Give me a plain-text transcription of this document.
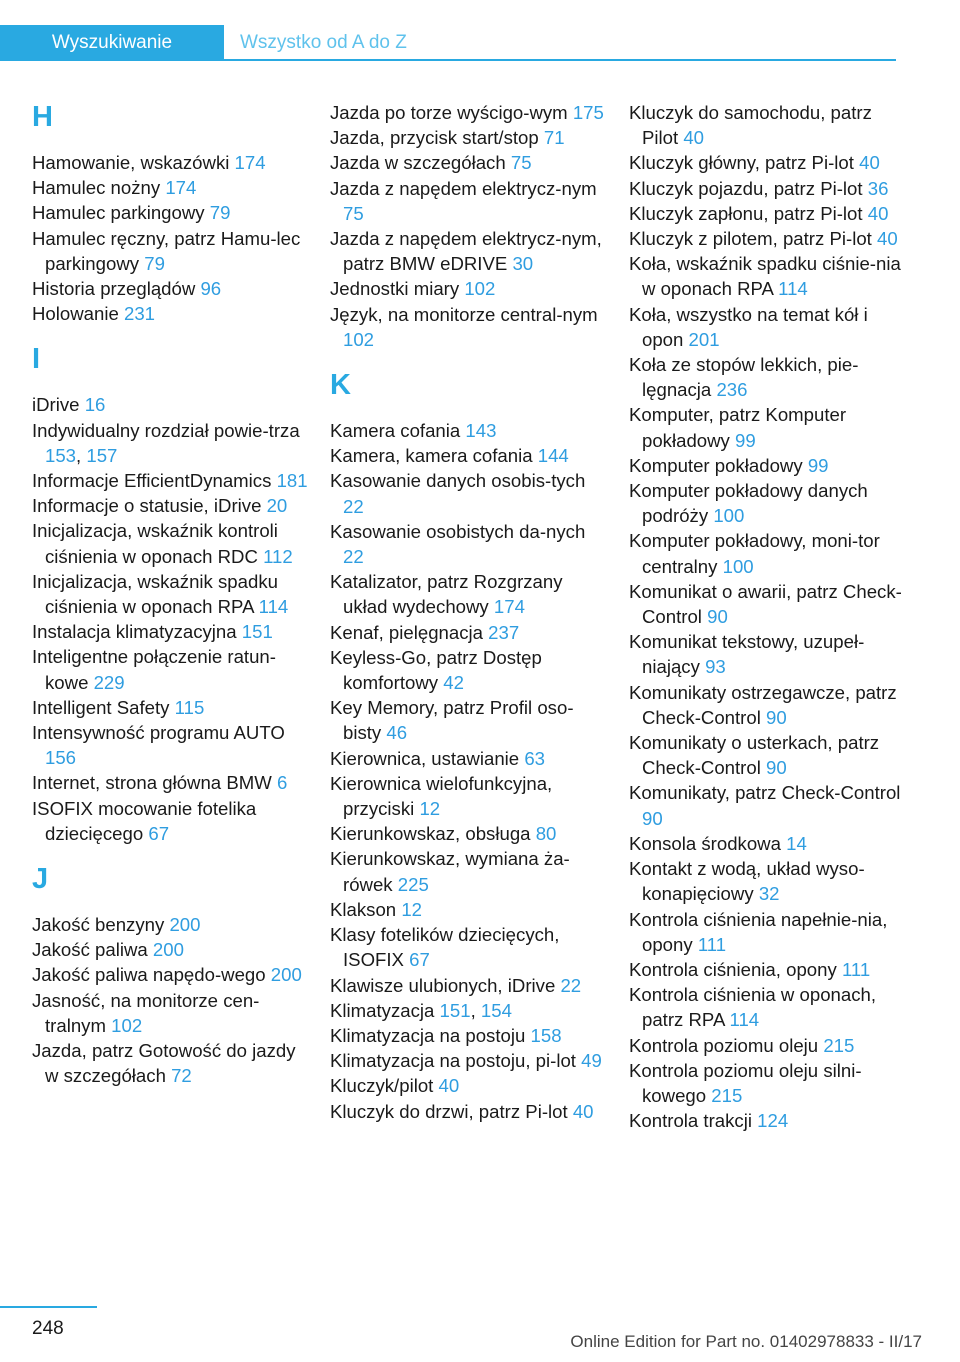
Wyszukiwanie	Wszystko od A do Z
H
Hamowanie, wskazówki 174
Hamulec nożny 174
Hamulec parkingowy 79
Hamulec ręczny, patrz Hamu-lec parkingowy 79
Historia przeglądów 96
Holowanie 231
I
iDrive 16
Indywidualny rozdział powie-trza 153, 157
Informacje EfficientDynamics 181
Informacje o statusie, iDrive 20
Inicjalizacja, wskaźnik kontroli ciśnienia w oponach RDC 112
Inicjalizacja, wskaźnik spadku ciśnienia w oponach RPA 114
Instalacja klimatyzacyjna 151
Inteligentne połączenie ratun-kowe 229
Intelligent Safety 115
Intensywność programu AUTO 156
Internet, strona główna BMW 6
ISOFIX mocowanie fotelika dziecięcego 67
J
Jakość benzyny 200
Jakość paliwa 200
Jakość paliwa napędo-wego 200
Jasność, na monitorze cen-tralnym 102
Jazda, patrz Gotowość do jazdy w szczegółach 72
Jazda po torze wyścigo-wym 175
Jazda, przycisk start/stop 71
Jazda w szczegółach 75
Jazda z napędem elektrycz-nym 75
Jazda z napędem elektrycz-nym, patrz BMW eDRIVE 30
Jednostki miary 102
Język, na monitorze central-nym 102
K
Kamera cofania 143
Kamera, kamera cofania 144
Kasowanie danych osobis-tych 22
Kasowanie osobistych da-nych 22
Katalizator, patrz Rozgrzany układ wydechowy 174
Kenaf, pielęgnacja 237
Keyless-Go, patrz Dostęp komfortowy 42
Key Memory, patrz Profil oso-bisty 46
Kierownica, ustawianie 63
Kierownica wielofunkcyjna, przyciski 12
Kierunkowskaz, obsługa 80
Kierunkowskaz, wymiana ża-rówek 225
Klakson 12
Klasy fotelików dziecięcych, ISOFIX 67
Klawisze ulubionych, iDrive 22
Klimatyzacja 151, 154
Klimatyzacja na postoju 158
Klimatyzacja na postoju, pi-lot 49
Kluczyk/pilot 40
Kluczyk do drzwi, patrz Pi-lot 40
Kluczyk do samochodu, patrz Pilot 40
Kluczyk główny, patrz Pi-lot 40
Kluczyk pojazdu, patrz Pi-lot 36
Kluczyk zapłonu, patrz Pi-lot 40
Kluczyk z pilotem, patrz Pi-lot 40
Koła, wskaźnik spadku ciśnie-nia w oponach RPA 114
Koła, wszystko na temat kół i opon 201
Koła ze stopów lekkich, pie-lęgnacja 236
Komputer, patrz Komputer pokładowy 99
Komputer pokładowy 99
Komputer pokładowy danych podróży 100
Komputer pokładowy, moni-tor centralny 100
Komunikat o awarii, patrz Check-Control 90
Komunikat tekstowy, uzupeł-niający 93
Komunikaty ostrzegawcze, patrz Check-Control 90
Komunikaty o usterkach, patrz Check-Control 90
Komunikaty, patrz Check-Control 90
Konsola środkowa 14
Kontakt z wodą, układ wyso-konapięciowy 32
Kontrola ciśnienia napełnie-nia, opony 111
Kontrola ciśnienia, opony 111
Kontrola ciśnienia w oponach, patrz RPA 114
Kontrola poziomu oleju 215
Kontrola poziomu oleju silni-kowego 215
Kontrola trakcji 124
248
Online Edition for Part no. 01402978833 - II/17
